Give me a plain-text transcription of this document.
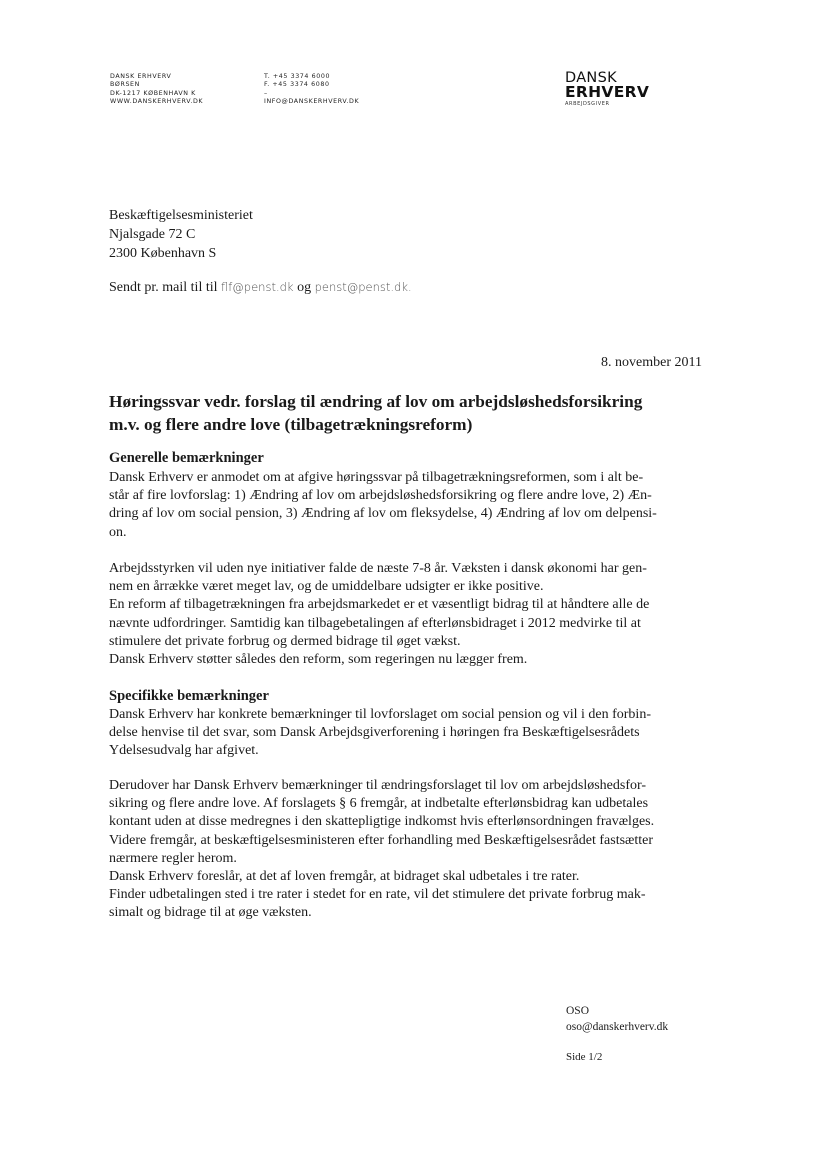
DANSK ERHVERV
BØRSEN
DK-1217 KØBENHAVN K
WWW.DANSKERHVERV.DK
T. +45 3374 6000
F. +45 3374 6080
–
INFO@DANSKERHVERV.DK
DANSK
ERHVERV
ARBEJDSGIVER
Beskæftigelsesministeriet
Njalsgade 72 C
2300 København S
Sendt pr. mail til til flf@penst.dk og penst@penst.dk.
8. november 2011
Høringssvar vedr. forslag til ændring af lov om arbejdsløshedsforsikring
m.v. og flere andre love (tilbagetrækningsreform)
Generelle bemærkninger
Dansk Erhverv er anmodet om at afgive høringssvar på tilbagetrækningsreformen, som i alt be-
står af fire lovforslag: 1) Ændring af lov om arbejdsløshedsforsikring og flere andre love, 2) Æn-
dring af lov om social pension, 3) Ændring af lov om fleksydelse, 4) Ændring af lov om delpensi-
on.
Arbejdsstyrken vil uden nye initiativer falde de næste 7-8 år. Væksten i dansk økonomi har gen-
nem en årrække været meget lav, og de umiddelbare udsigter er ikke positive.
En reform af tilbagetrækningen fra arbejdsmarkedet er et væsentligt bidrag til at håndtere alle de
nævnte udfordringer. Samtidig kan tilbagebetalingen af efterlønsbidraget i 2012 medvirke til at
stimulere det private forbrug og dermed bidrage til øget vækst.
Dansk Erhverv støtter således den reform, som regeringen nu lægger frem.
Specifikke bemærkninger
Dansk Erhverv har konkrete bemærkninger til lovforslaget om social pension og vil i den forbin-
delse henvise til det svar, som Dansk Arbejdsgiverforening i høringen fra Beskæftigelsesrådets
Ydelsesudvalg har afgivet.
Derudover har Dansk Erhverv bemærkninger til ændringsforslaget til lov om arbejdsløshedsfor-
sikring og flere andre love. Af forslagets § 6 fremgår, at indbetalte efterlønsbidrag kan udbetales
kontant uden at disse medregnes i den skattepligtige indkomst hvis efterlønsordningen fravælges.
Videre fremgår, at beskæftigelsesministeren efter forhandling med Beskæftigelsesrådet fastsætter
nærmere regler herom.
Dansk Erhverv foreslår, at det af loven fremgår, at bidraget skal udbetales i tre rater.
Finder udbetalingen sted i tre rater i stedet for en rate, vil det stimulere det private forbrug mak-
simalt og bidrage til at øge væksten.
OSO
oso@danskerhverv.dk
Side 1/2
